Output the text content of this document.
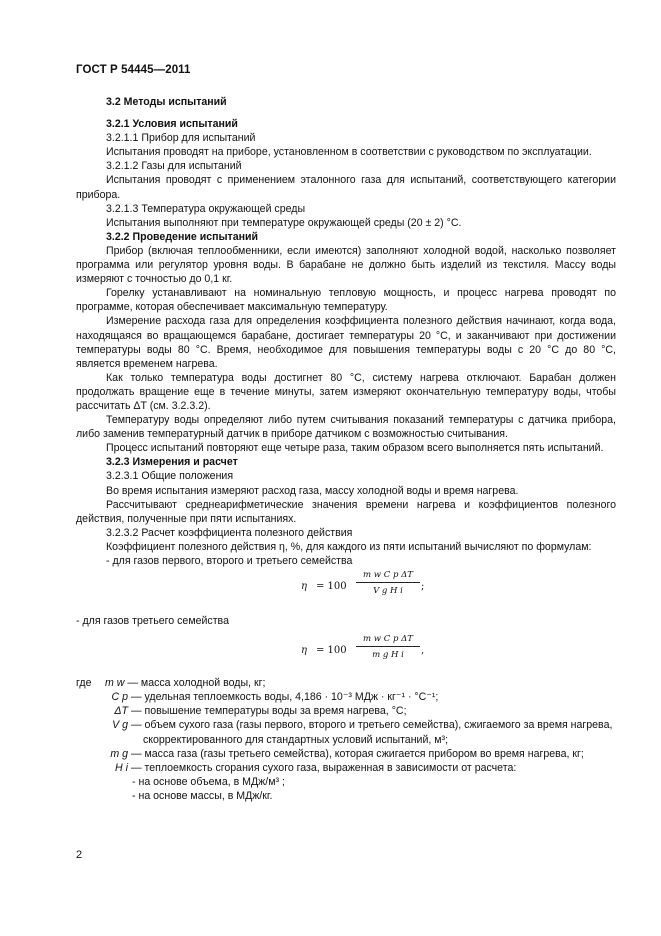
ГОСТ Р 54445—2011
3.2 Методы испытаний
3.2.1 Условия испытаний
3.2.1.1 Прибор для испытаний
Испытания проводят на приборе, установленном в соответствии с руководством по эксплуатации.
3.2.1.2 Газы для испытаний
Испытания проводят с применением эталонного газа для испытаний, соответствующего категории прибора.
3.2.1.3 Температура окружающей среды
Испытания выполняют при температуре окружающей среды (20 ± 2) °С.
3.2.2 Проведение испытаний
Прибор (включая теплообменники, если имеются) заполняют холодной водой, насколько позволяет программа или регулятор уровня воды. В барабане не должно быть изделий из текстиля. Массу воды измеряют с точностью до 0,1 кг.
Горелку устанавливают на номинальную тепловую мощность, и процесс нагрева проводят по программе, которая обеспечивает максимальную температуру.
Измерение расхода газа для определения коэффициента полезного действия начинают, когда вода, находящаяся во вращающемся барабане, достигает температуры 20 °С, и заканчивают при достижении температуры воды 80 °С. Время, необходимое для повышения температуры воды с 20 °С до 80 °С, является временем нагрева.
Как только температура воды достигнет 80 °С, систему нагрева отключают. Барабан должен продолжать вращение еще в течение минуты, затем измеряют окончательную температуру воды, чтобы рассчитать ΔT (см. 3.2.3.2).
Температуру воды определяют либо путем считывания показаний температуры с датчика прибора, либо заменив температурный датчик в приборе датчиком с возможностью считывания.
Процесс испытаний повторяют еще четыре раза, таким образом всего выполняется пять испытаний.
3.2.3 Измерения и расчет
3.2.3.1 Общие положения
Во время испытания измеряют расход газа, массу холодной воды и время нагрева.
Рассчитывают среднеарифметические значения времени нагрева и коэффициентов полезного действия, полученные при пяти испытаниях.
3.2.3.2 Расчет коэффициента полезного действия
Коэффициент полезного действия η, %, для каждого из пяти испытаний вычисляют по формулам:
- для газов первого, второго и третьего семейства
η = 100
m w C p ΔT
V g H i	;
- для газов третьего семейства
η = 100
m w C p ΔT
m g H i	,
где m w — масса холодной воды, кг;
C p — удельная теплоемкость воды, 4,186 · 10⁻³ МДж · кг⁻¹ · °С⁻¹;
ΔT — повышение температуры воды за время нагрева, °С;
V g — объем сухого газа (газы первого, второго и третьего семейства), сжигаемого за время нагрева,
скорректированного для стандартных условий испытаний, м³;
m g — масса газа (газы третьего семейства), которая сжигается прибором во время нагрева, кг;
H i — теплоемкость сгорания сухого газа, выраженная в зависимости от расчета:
- на основе объема, в МДж/м³ ;
- на основе массы, в МДж/кг.
2
